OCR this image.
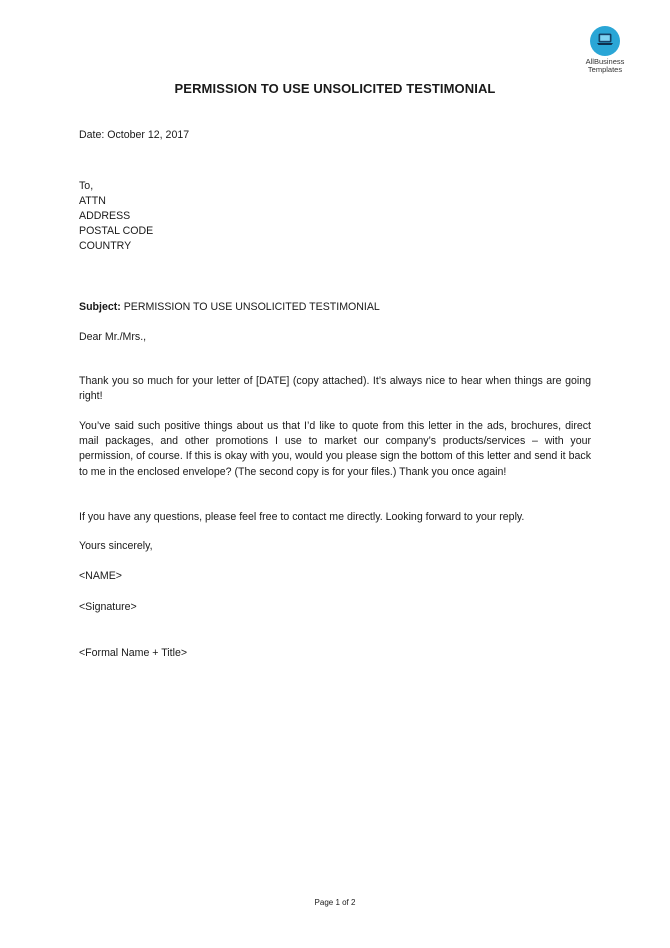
AllBusiness
Templates
PERMISSION TO USE UNSOLICITED TESTIMONIAL
Date: October 12, 2017
To,
ATTN
ADDRESS
POSTAL CODE
COUNTRY
Subject: PERMISSION TO USE UNSOLICITED TESTIMONIAL
Dear Mr./Mrs.,
Thank you so much for your letter of [DATE] (copy attached). It’s always nice to hear when things are going right!
You’ve said such positive things about us that I’d like to quote from this letter in the ads, brochures, direct mail packages, and other promotions I use to market our company’s products/services – with your permission, of course. If this is okay with you, would you please sign the bottom of this letter and send it back to me in the enclosed envelope? (The second copy is for your files.) Thank you once again!
If you have any questions, please feel free to contact me directly. Looking forward to your reply.
Yours sincerely,
<NAME>
<Signature>
<Formal Name + Title>
Page 1 of 2
